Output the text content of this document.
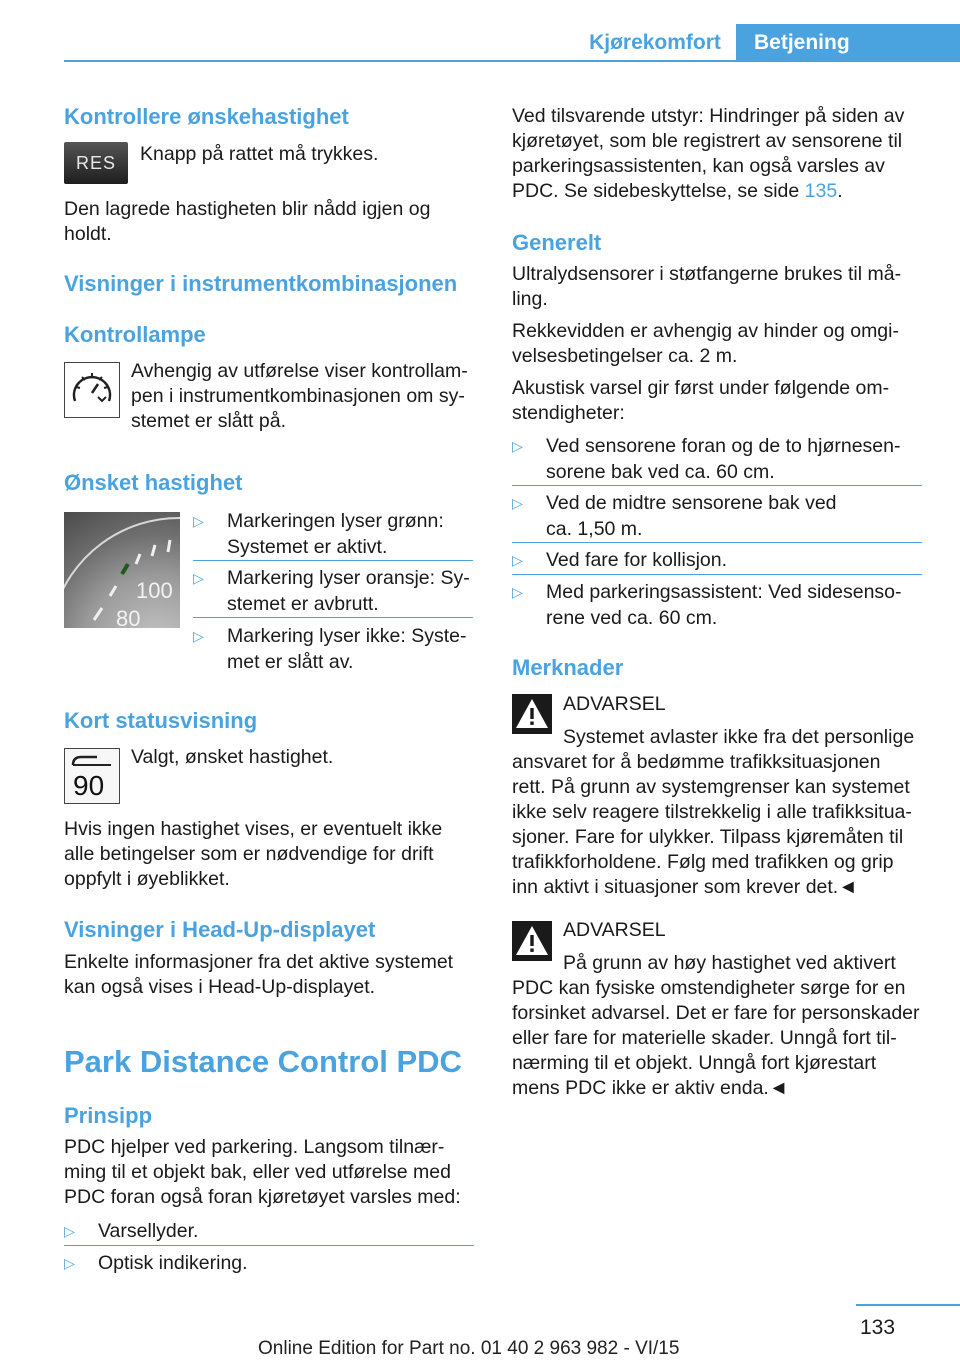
Kjørekomfort	Betjening
Kontrollere ønskehastighet
RES	Knapp på rattet må trykkes.
Den lagrede hastigheten blir nådd igjen og
holdt.
Visninger i instrumentkombinasjonen
Kontrollampe
Avhengig av utførelse viser kontrollam-
pen i instrumentkombinasjonen om sy-
stemet er slått på.
Ønsket hastighet
100
80
▷ Markeringen lyser grønn:
Systemet er aktivt.
▷ Markering lyser oransje: Sy-
stemet er avbrutt.
▷ Markering lyser ikke: Syste-
met er slått av.
Kort statusvisning
90
Valgt, ønsket hastighet.
Hvis ingen hastighet vises, er eventuelt ikke
alle betingelser som er nødvendige for drift
oppfylt i øyeblikket.
Visninger i Head-Up-displayet
Enkelte informasjoner fra det aktive systemet
kan også vises i Head-Up-displayet.
Park Distance Control PDC
Prinsipp
PDC hjelper ved parkering. Langsom tilnær-
ming til et objekt bak, eller ved utførelse med
PDC foran også foran kjøretøyet varsles med:
▷ Varsellyder.
▷ Optisk indikering.
Ved tilsvarende utstyr: Hindringer på siden av
kjøretøyet, som ble registrert av sensorene til
parkeringsassistenten, kan også varsles av
PDC. Se sidebeskyttelse, se side 135.
Generelt
Ultralydsensorer i støtfangerne brukes til må-
ling.
Rekkevidden er avhengig av hinder og omgi-
velsesbetingelser ca. 2 m.
Akustisk varsel gir først under følgende om-
stendigheter:
▷ Ved sensorene foran og de to hjørnesen-
sorene bak ved ca. 60 cm.
▷ Ved de midtre sensorene bak ved
ca. 1,50 m.
▷ Ved fare for kollisjon.
▷ Med parkeringsassistent: Ved sidesenso-
rene ved ca. 60 cm.
Merknader
ADVARSEL
Systemet avlaster ikke fra det personlige
ansvaret for å bedømme trafikksituasjonen
rett. På grunn av systemgrenser kan systemet
ikke selv reagere tilstrekkelig i alle trafikksitua-
sjoner. Fare for ulykker. Tilpass kjøremåten til
trafikkforholdene. Følg med trafikken og grip
inn aktivt i situasjoner som krever det.◄
ADVARSEL
På grunn av høy hastighet ved aktivert
PDC kan fysiske omstendigheter sørge for en
forsinket advarsel. Det er fare for personskader
eller fare for materielle skader. Unngå fort til-
nærming til et objekt. Unngå fort kjørestart
mens PDC ikke er aktiv enda.◄
133
Online Edition for Part no. 01 40 2 963 982 - VI/15
